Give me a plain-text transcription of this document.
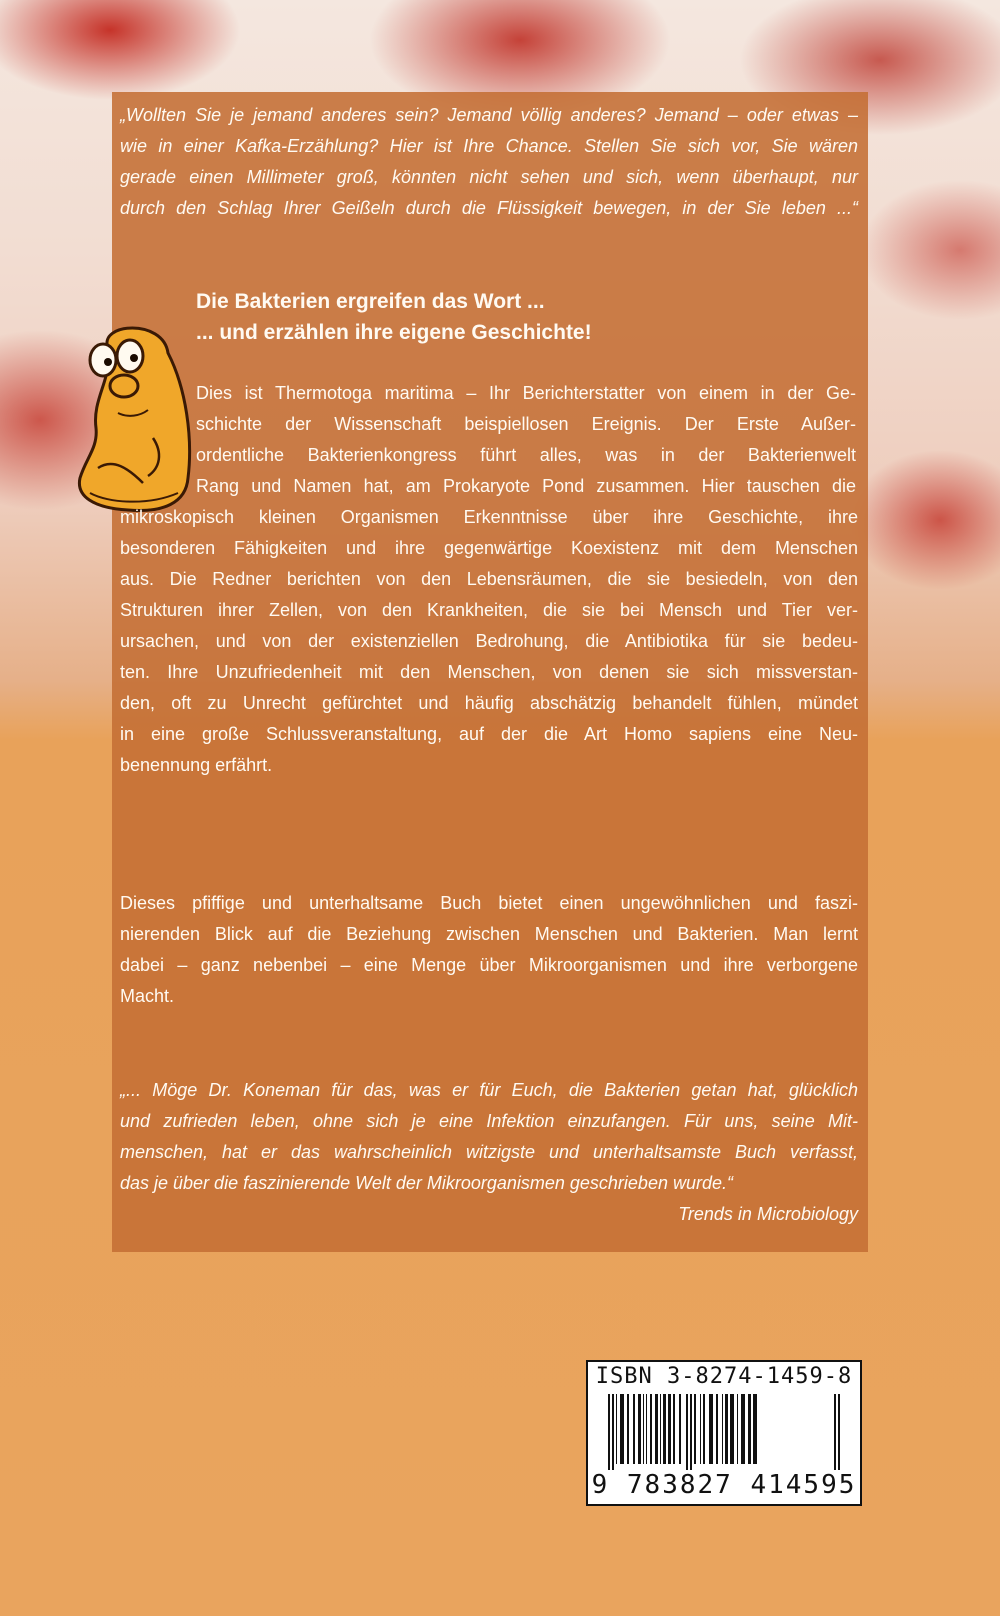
„Wollten Sie je jemand anderes sein? Jemand völlig anderes? Jemand – oder etwas –
wie in einer Kafka-Erzählung? Hier ist Ihre Chance. Stellen Sie sich vor, Sie wären
gerade einen Millimeter groß, könnten nicht sehen und sich, wenn überhaupt, nur
durch den Schlag Ihrer Geißeln durch die Flüssigkeit bewegen, in der Sie leben ...“
Die Bakterien ergreifen das Wort ...
... und erzählen ihre eigene Geschichte!
Dies ist Thermotoga maritima – Ihr Berichterstatter von einem in der Ge-
schichte der Wissenschaft beispiellosen Ereignis. Der Erste Außer-
ordentliche Bakterienkongress führt alles, was in der Bakterienwelt
Rang und Namen hat, am Prokaryote Pond zusammen. Hier tauschen die
mikroskopisch kleinen Organismen Erkenntnisse über ihre Geschichte, ihre
besonderen Fähigkeiten und ihre gegenwärtige Koexistenz mit dem Menschen
aus. Die Redner berichten von den Lebensräumen, die sie besiedeln, von den
Strukturen ihrer Zellen, von den Krankheiten, die sie bei Mensch und Tier ver-
ursachen, und von der existenziellen Bedrohung, die Antibiotika für sie bedeu-
ten. Ihre Unzufriedenheit mit den Menschen, von denen sie sich missverstan-
den, oft zu Unrecht gefürchtet und häufig abschätzig behandelt fühlen, mündet
in eine große Schlussveranstaltung, auf der die Art Homo sapiens eine Neu-
benennung erfährt.
Dieses pfiffige und unterhaltsame Buch bietet einen ungewöhnlichen und faszi-
nierenden Blick auf die Beziehung zwischen Menschen und Bakterien. Man lernt
dabei – ganz nebenbei – eine Menge über Mikroorganismen und ihre verborgene
Macht.
„... Möge Dr. Koneman für das, was er für Euch, die Bakterien getan hat, glücklich
und zufrieden leben, ohne sich je eine Infektion einzufangen. Für uns, seine Mit-
menschen, hat er das wahrscheinlich witzigste und unterhaltsamste Buch verfasst,
das je über die faszinierende Welt der Mikroorganismen geschrieben wurde.“
Trends in Microbiology
ISBN 3-8274-1459-8
9 783827 414595
